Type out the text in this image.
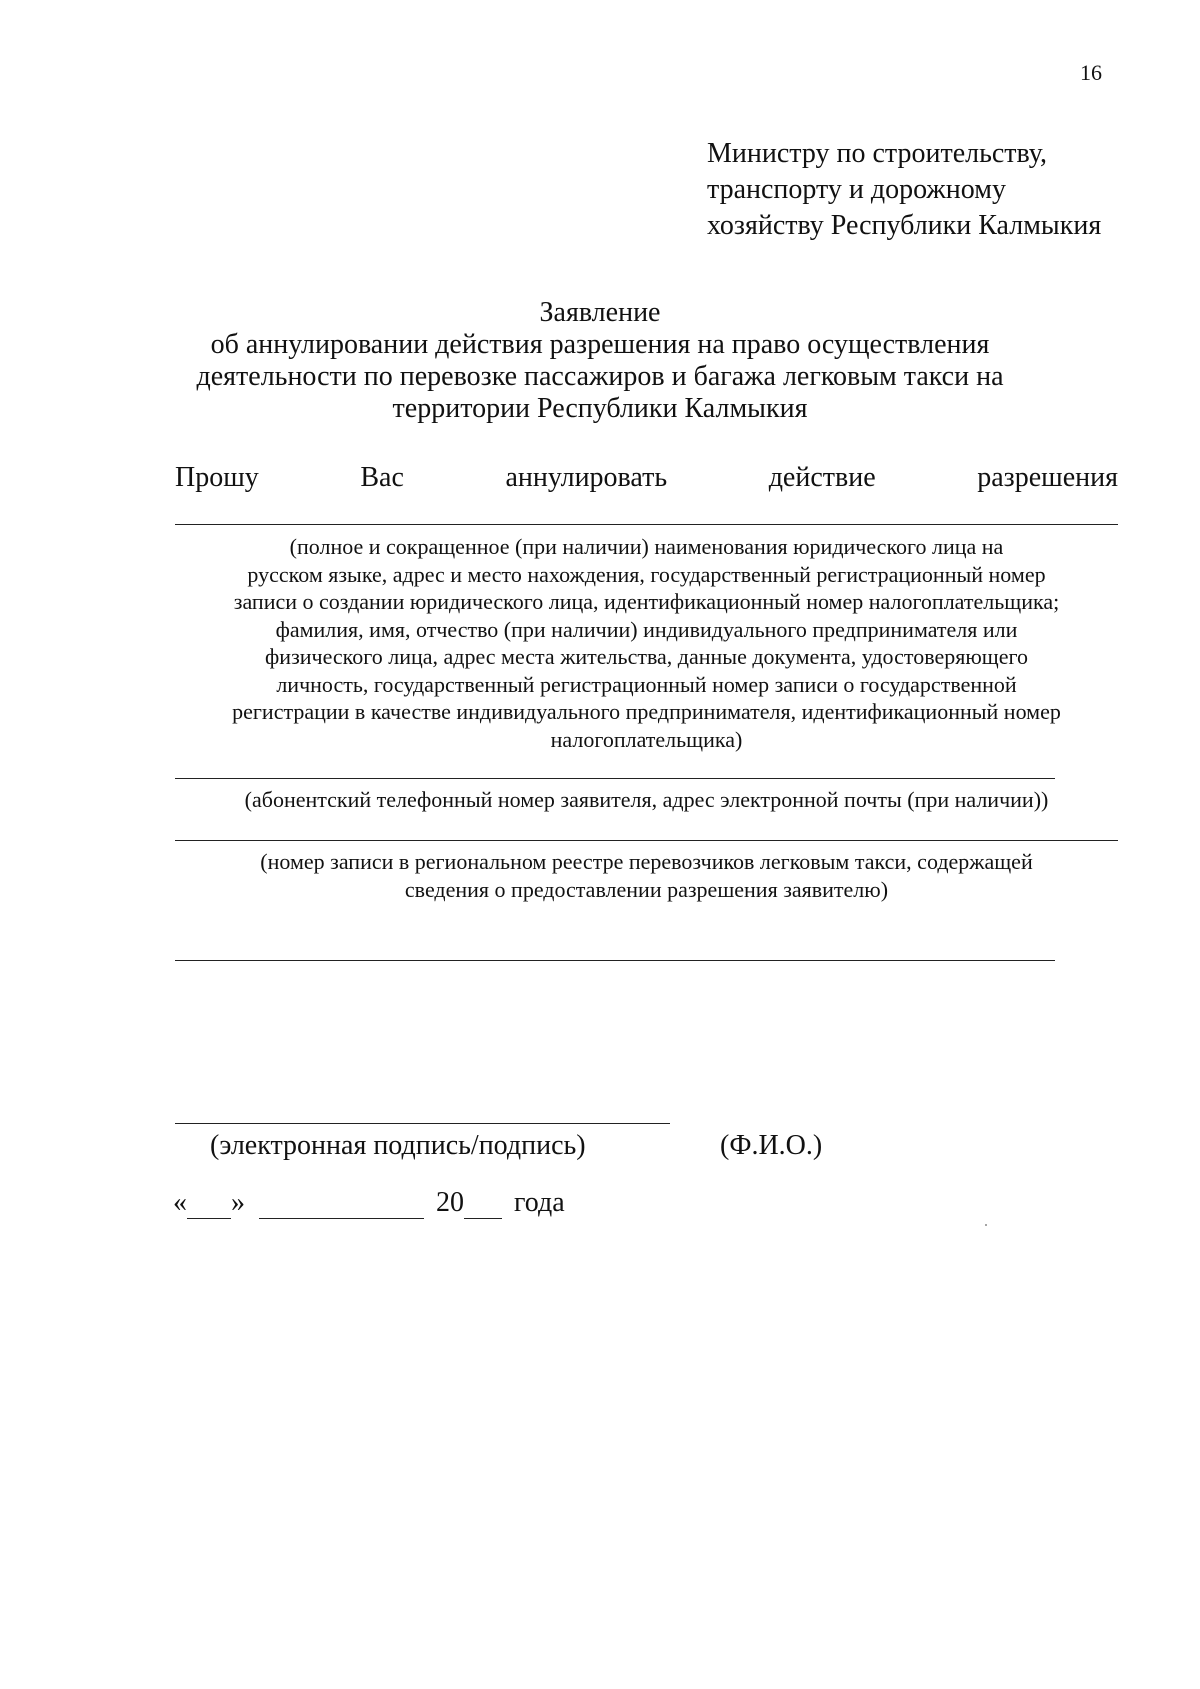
16
Министру по строительству,
транспорту и дорожному
хозяйству Республики Калмыкия
Заявление
об аннулировании действия разрешения на право осуществления
деятельности по перевозке пассажиров и багажа легковым такси на
территории Республики Калмыкия
Прошу	Вас	аннулировать	действие	разрешения
(полное и сокращенное (при наличии) наименования юридического лица на
русском языке, адрес и место нахождения, государственный регистрационный номер
записи о создании юридического лица, идентификационный номер налогоплательщика;
фамилия, имя, отчество (при наличии) индивидуального предпринимателя или
физического лица, адрес места жительства, данные документа, удостоверяющего
личность, государственный регистрационный номер записи о государственной
регистрации в качестве индивидуального предпринимателя, идентификационный номер
налогоплательщика)
(абонентский телефонный номер заявителя, адрес электронной почты (при наличии))
(номер записи в региональном реестре перевозчиков легковым такси, содержащей
сведения о предоставлении разрешения заявителю)
(электронная подпись/подпись)	(Ф.И.О.)
« »	20 года
